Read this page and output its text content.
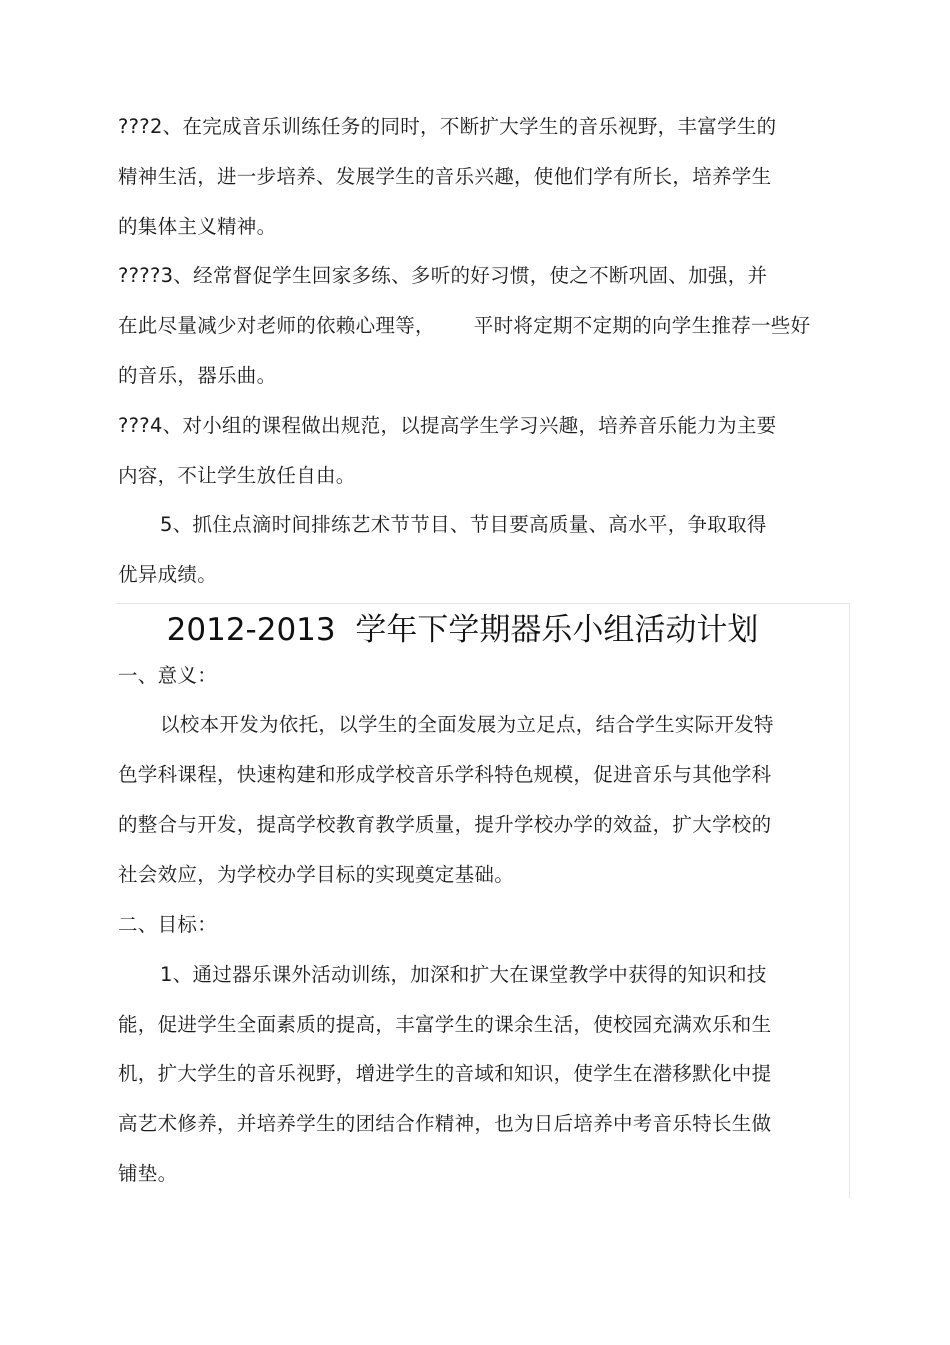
???2、在完成音乐训练任务的同时，不断扩大学生的音乐视野，丰富学生的
精神生活，进一步培养、发展学生的音乐兴趣，使他们学有所长，培养学生
的集体主义精神。
????3、经常督促学生回家多练、多听的好习惯，使之不断巩固、加强，并
在此尽量减少对老师的依赖心理等，      平时将定期不定期的向学生推荐一些好
的音乐，器乐曲。
???4、对小组的课程做出规范，以提高学生学习兴趣，培养音乐能力为主要
内容，不让学生放任自由。
5、抓住点滴时间排练艺术节节目、节目要高质量、高水平，争取取得
优异成绩。
2012-2013  学年下学期器乐小组活动计划
一、意义：
以校本开发为依托，以学生的全面发展为立足点，结合学生实际开发特
色学科课程，快速构建和形成学校音乐学科特色规模，促进音乐与其他学科
的整合与开发，提高学校教育教学质量，提升学校办学的效益，扩大学校的
社会效应，为学校办学目标的实现奠定基础。
二、目标：
1、通过器乐课外活动训练，加深和扩大在课堂教学中获得的知识和技
能，促进学生全面素质的提高，丰富学生的课余生活，使校园充满欢乐和生
机，扩大学生的音乐视野，增进学生的音域和知识，使学生在潜移默化中提
高艺术修养，并培养学生的团结合作精神，也为日后培养中考音乐特长生做
铺垫。
